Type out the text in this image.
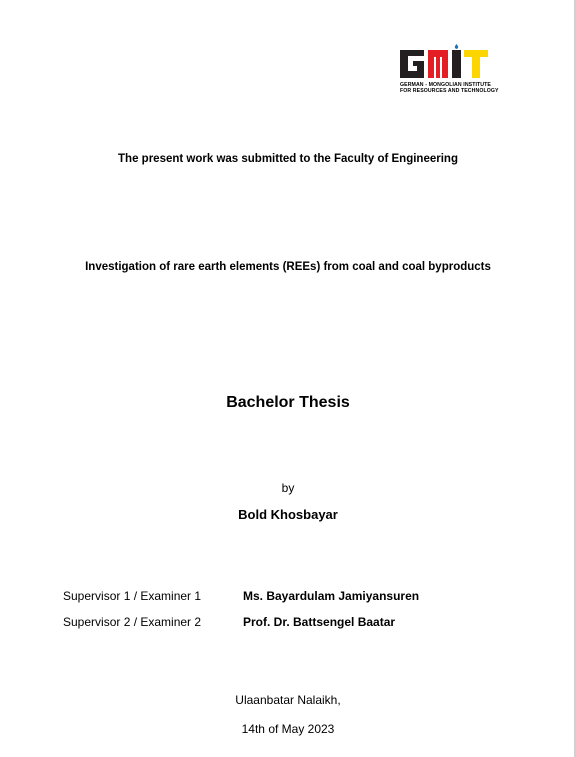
GERMAN - MONGOLIAN INSTITUTE
FOR RESOURCES AND TECHNOLOGY
The present work was submitted to the Faculty of Engineering
Investigation of rare earth elements (REEs) from coal and coal byproducts
Bachelor Thesis
by
Bold Khosbayar
Supervisor 1 / Examiner 1	Ms. Bayardulam Jamiyansuren
Supervisor 2 / Examiner 2	Prof. Dr. Battsengel Baatar
Ulaanbatar Nalaikh,
14th of May 2023
